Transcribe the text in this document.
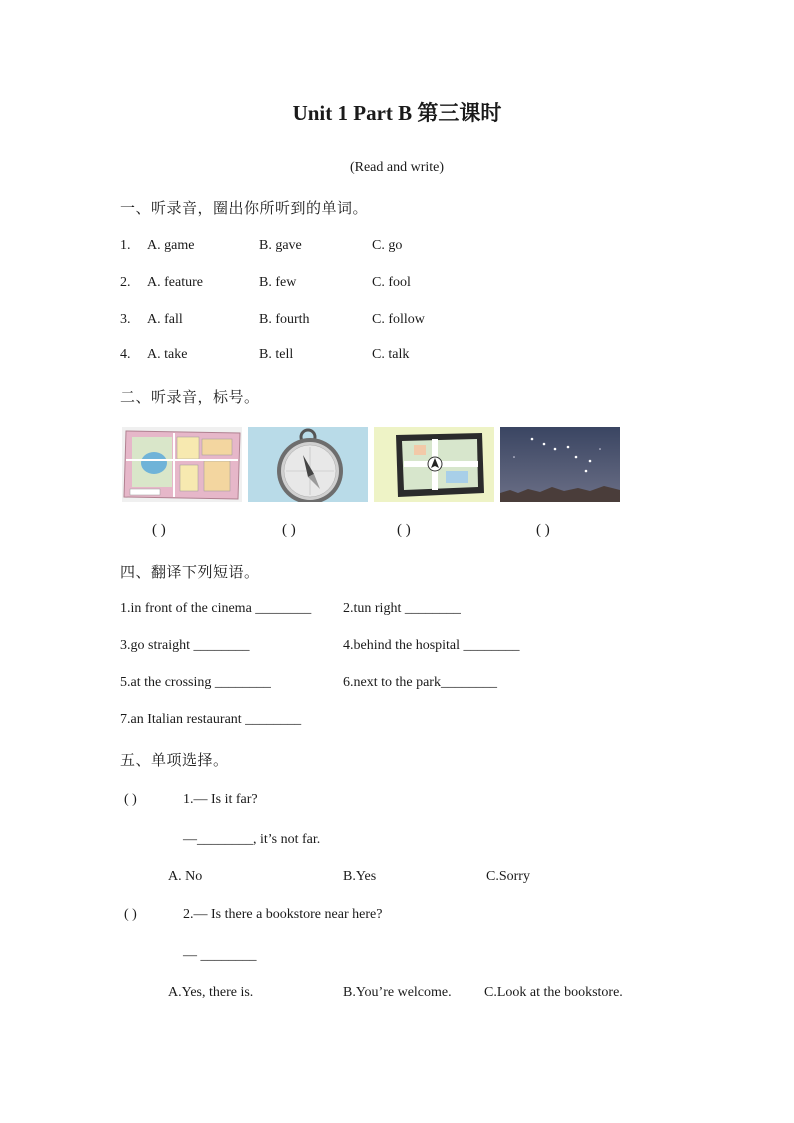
Unit 1 Part B 第三课时
(Read and write)
一、听录音，圈出你所听到的单词。
1. A. game	B. gave	C. go
2. A. feature	B. few	C. fool
3. A. fall	B. fourth	C. follow
4. A. take	B. tell	C. talk
二、听录音，标号。
( )	( )	( )	( )
四、翻译下列短语。
1.in front of the cinema ________ 2.tun right ________
3.go straight ________	4.behind the hospital ________
5.at the crossing ________	6.next to the park________
7.an Italian restaurant ________
五、单项选择。
( )	1.— Is it far?
—________, it’s not far.
A. No	B.Yes	C.Sorry
( )	2.— Is there a bookstore near here?
— ________
A.Yes, there is.	B.You’re welcome. C.Look at the bookstore.
